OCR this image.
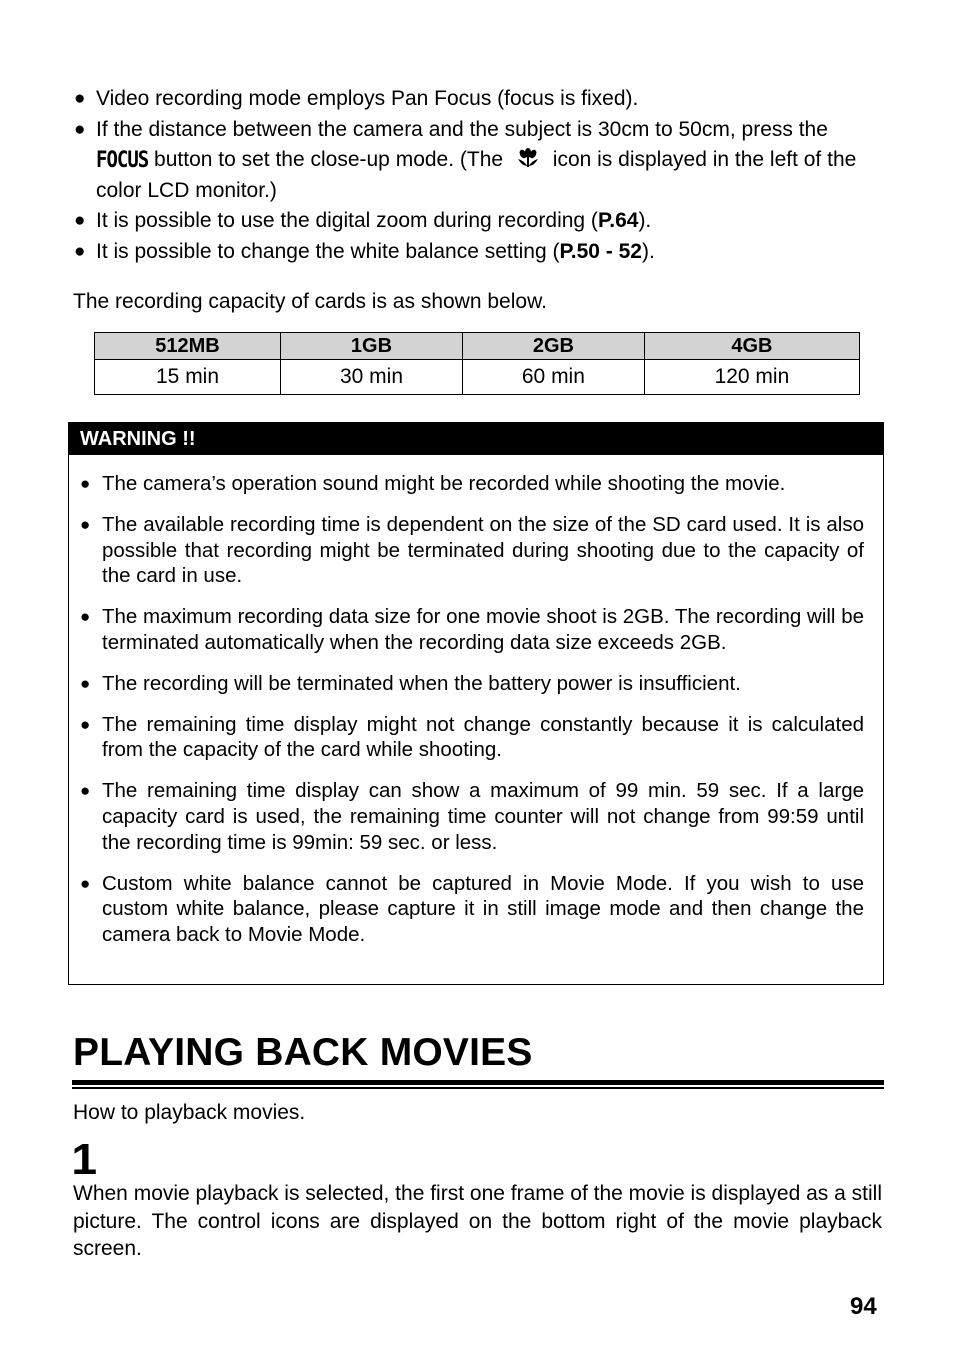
● Video recording mode employs Pan Focus (focus is fixed).
● If the distance between the camera and the subject is 30cm to 50cm, press the FOCUS button to set the close-up mode. (The icon is displayed in the left of the color LCD monitor.)
● It is possible to use the digital zoom during recording (P.64).
● It is possible to change the white balance setting (P.50 - 52).
The recording capacity of cards is as shown below.
512MB	1GB	2GB	4GB
15 min	30 min	60 min	120 min
WARNING !!
● The camera’s operation sound might be recorded while shooting the movie.
● The available recording time is dependent on the size of the SD card used. It is also possible that recording might be terminated during shooting due to the capacity of the card in use.
● The maximum recording data size for one movie shoot is 2GB. The recording will be terminated automatically when the recording data size exceeds 2GB.
● The recording will be terminated when the battery power is insufficient.
● The remaining time display might not change constantly because it is calculated from the capacity of the card while shooting.
● The remaining time display can show a maximum of 99 min. 59 sec. If a large capacity card is used, the remaining time counter will not change from 99:59 until the recording time is 99min: 59 sec. or less.
● Custom white balance cannot be captured in Movie Mode. If you wish to use custom white balance, please capture it in still image mode and then change the camera back to Movie Mode.
PLAYING BACK MOVIES
How to playback movies.
1

When movie playback is selected, the first one frame of the movie is displayed as a still picture. The control icons are displayed on the bottom right of the movie playback screen.

94
